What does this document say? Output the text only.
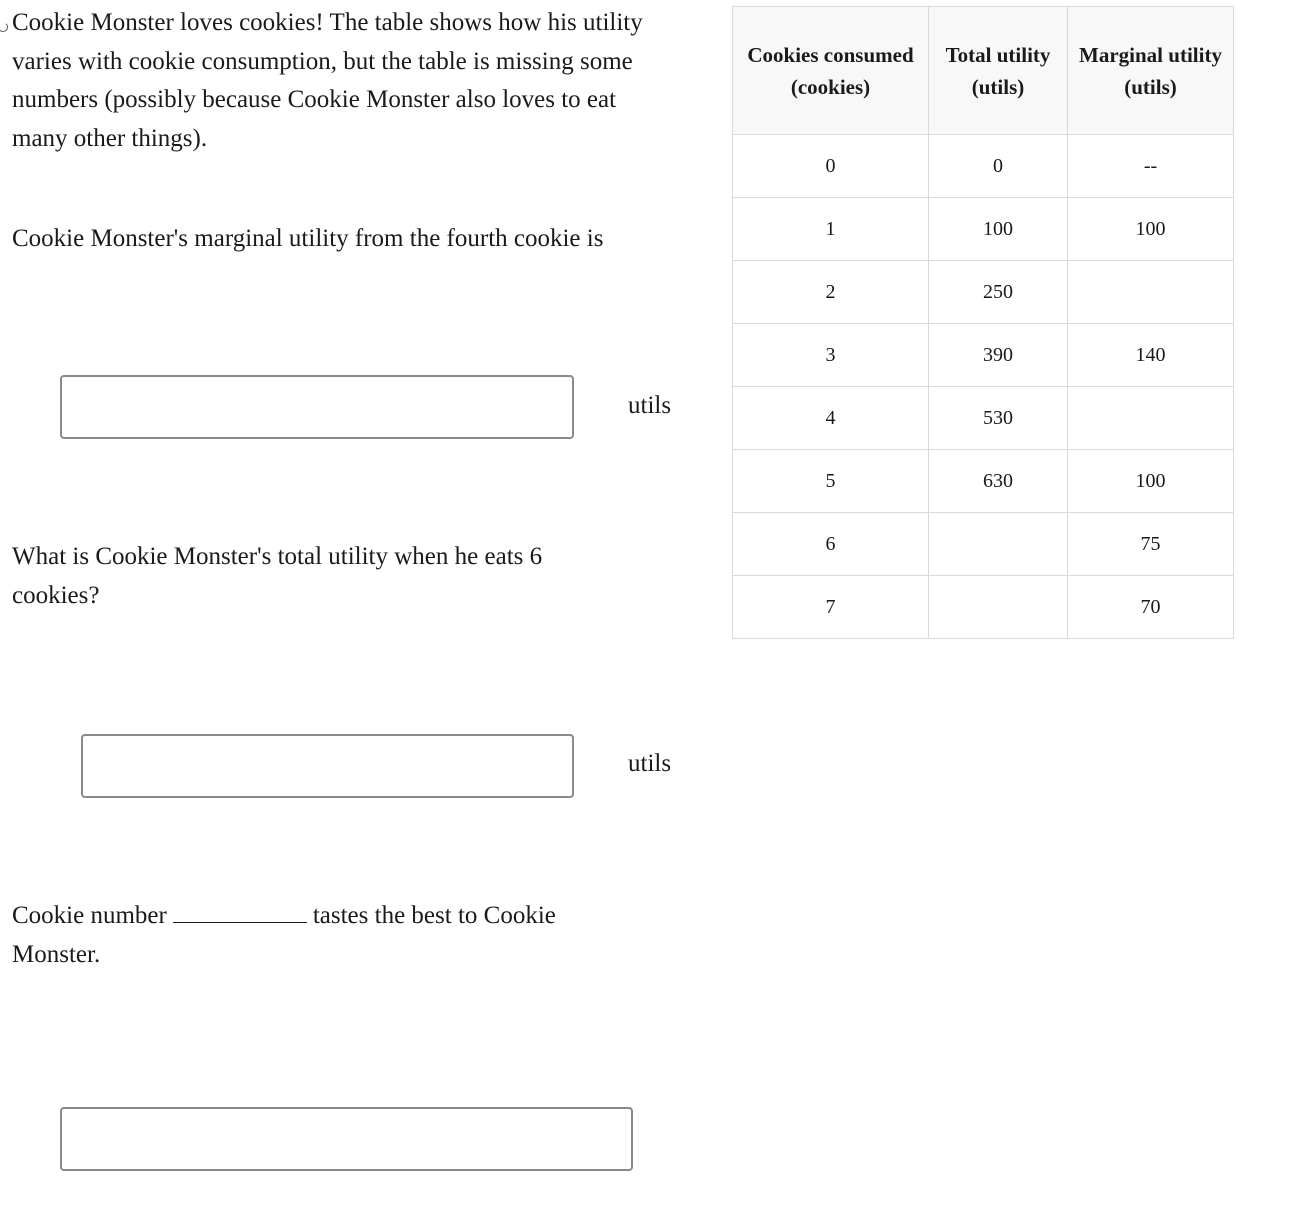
Cookie Monster loves cookies! The table shows how his utility varies with cookie consumption, but the table is missing some numbers (possibly because Cookie Monster also loves to eat many other things).
Cookie Monster's marginal utility from the fourth cookie is
utils
What is Cookie Monster's total utility when he eats 6 cookies?
utils
Cookie number	tastes the best to Cookie Monster.
Cookies consumed (cookies)	Total utility (utils)	Marginal utility (utils)
0	0	--
1	100	100
2	250	
3	390	140
4	530	
5	630	100
6		75
7		70
